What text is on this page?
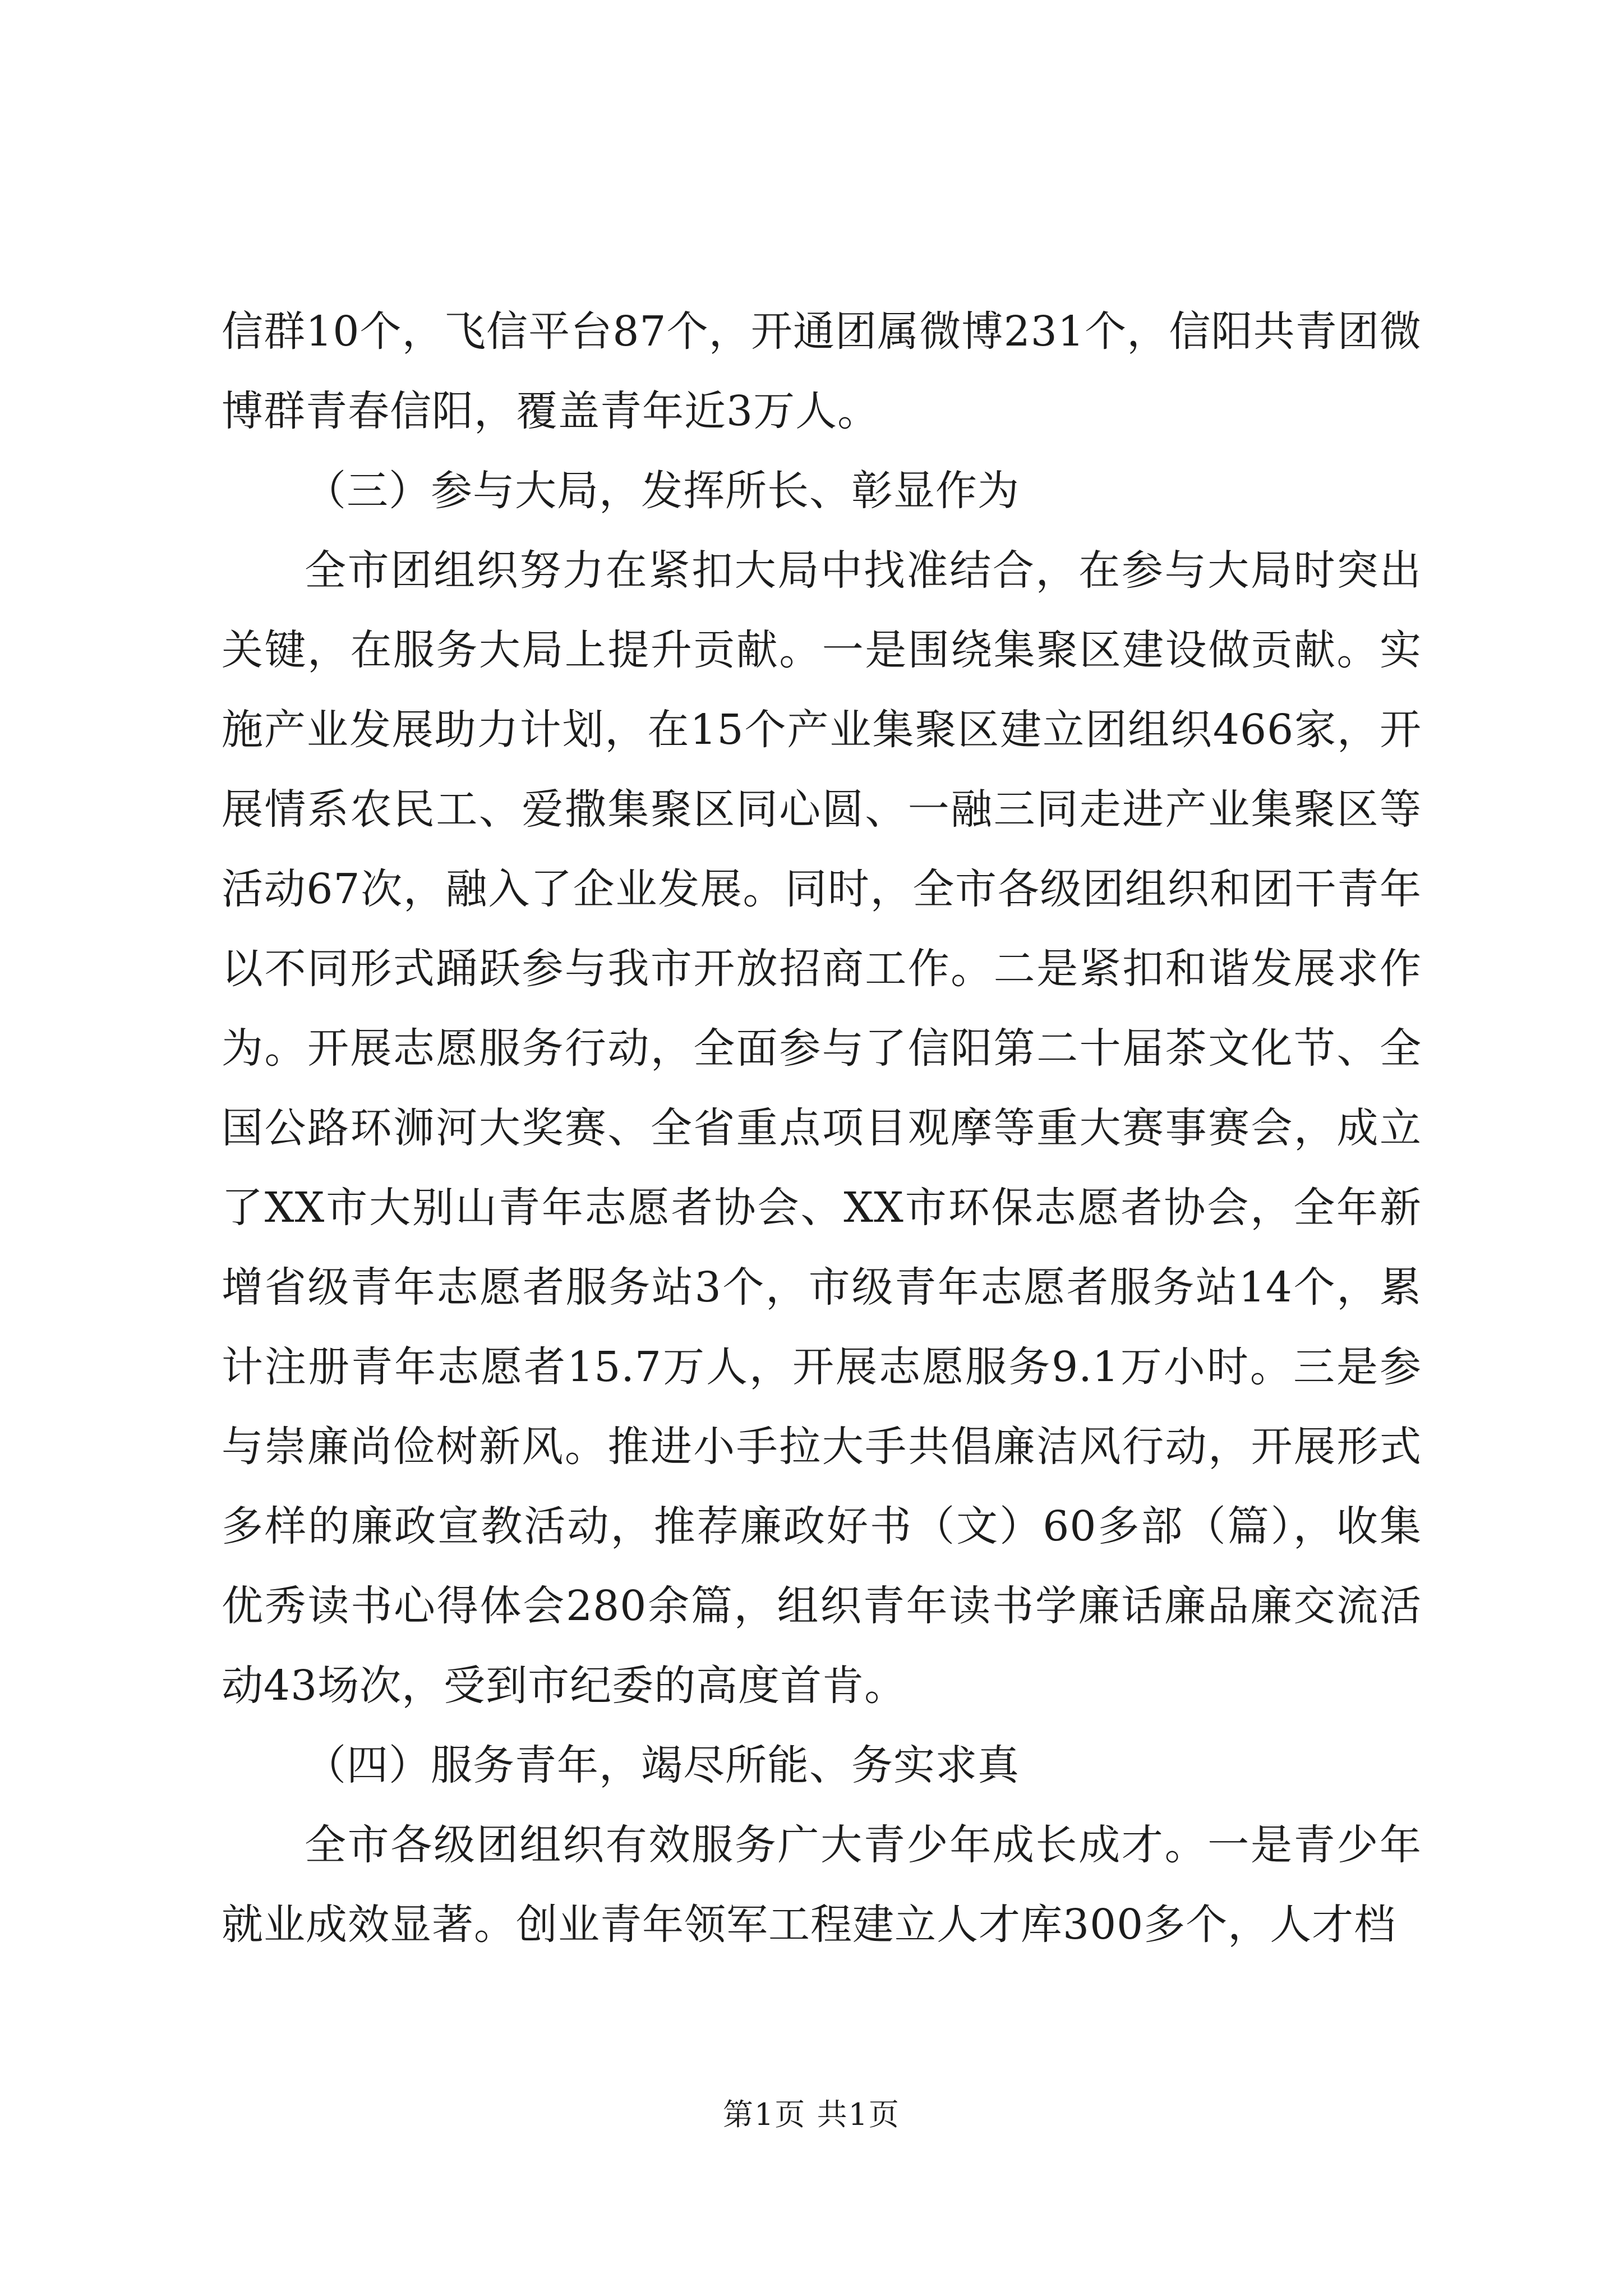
信群10个，飞信平台87个，开通团属微博231个，信阳共青团微博群青春信阳，覆盖青年近3万人。

（三）参与大局，发挥所长、彰显作为

全市团组织努力在紧扣大局中找准结合，在参与大局时突出关键，在服务大局上提升贡献。一是围绕集聚区建设做贡献。实施产业发展助力计划，在15个产业集聚区建立团组织466家，开展情系农民工、爱撒集聚区同心圆、一融三同走进产业集聚区等活动67次，融入了企业发展。同时，全市各级团组织和团干青年以不同形式踊跃参与我市开放招商工作。二是紧扣和谐发展求作为。开展志愿服务行动，全面参与了信阳第二十届茶文化节、全国公路环浉河大奖赛、全省重点项目观摩等重大赛事赛会，成立了XX市大别山青年志愿者协会、XX市环保志愿者协会，全年新增省级青年志愿者服务站3个，市级青年志愿者服务站14个，累计注册青年志愿者15.7万人，开展志愿服务9.1万小时。三是参与崇廉尚俭树新风。推进小手拉大手共倡廉洁风行动，开展形式多样的廉政宣教活动，推荐廉政好书（文）60多部（篇），收集优秀读书心得体会280余篇，组织青年读书学廉话廉品廉交流活动43场次，受到市纪委的高度首肯。

（四）服务青年，竭尽所能、务实求真

全市各级团组织有效服务广大青少年成长成才。一是青少年就业成效显著。创业青年领军工程建立人才库300多个，人才档

第1页 共1页
